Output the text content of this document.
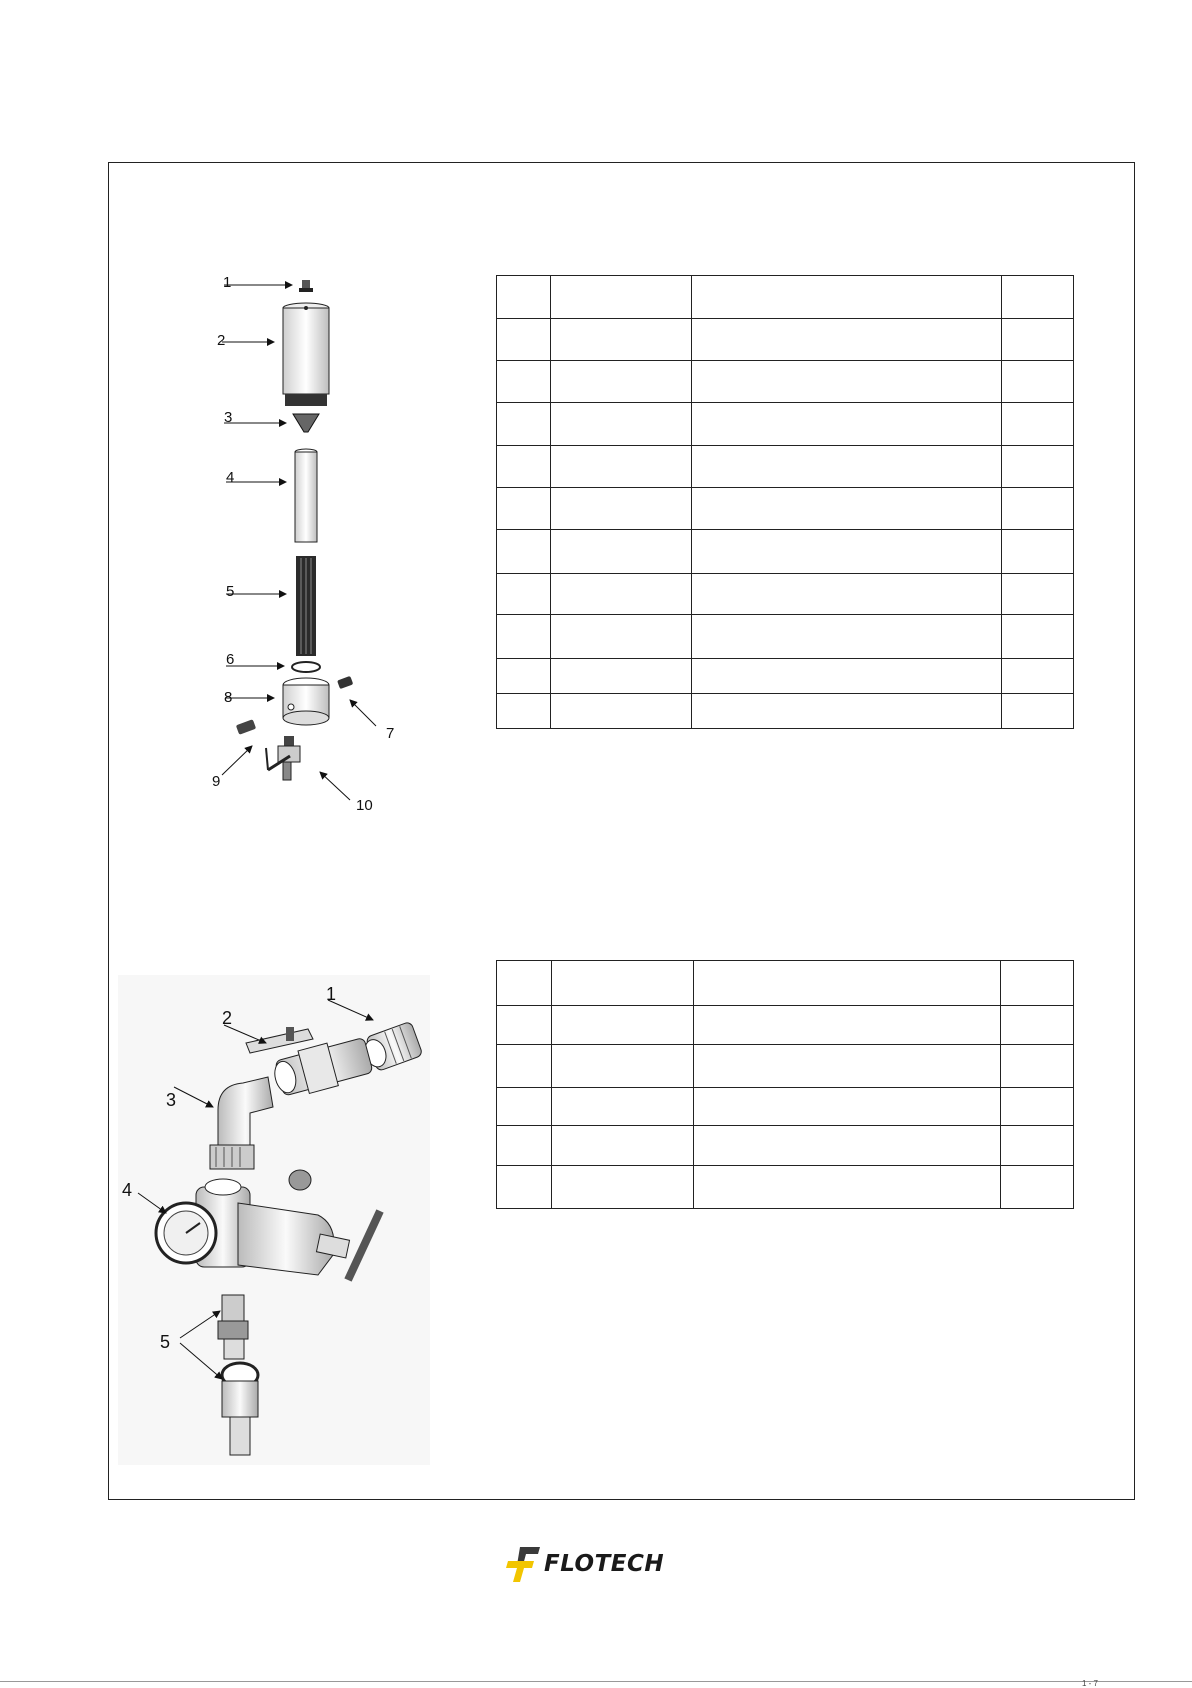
1
2
3
4
5
6
7
8
9
10

1
2
3
4
5

FLOTECH
1 - 7
